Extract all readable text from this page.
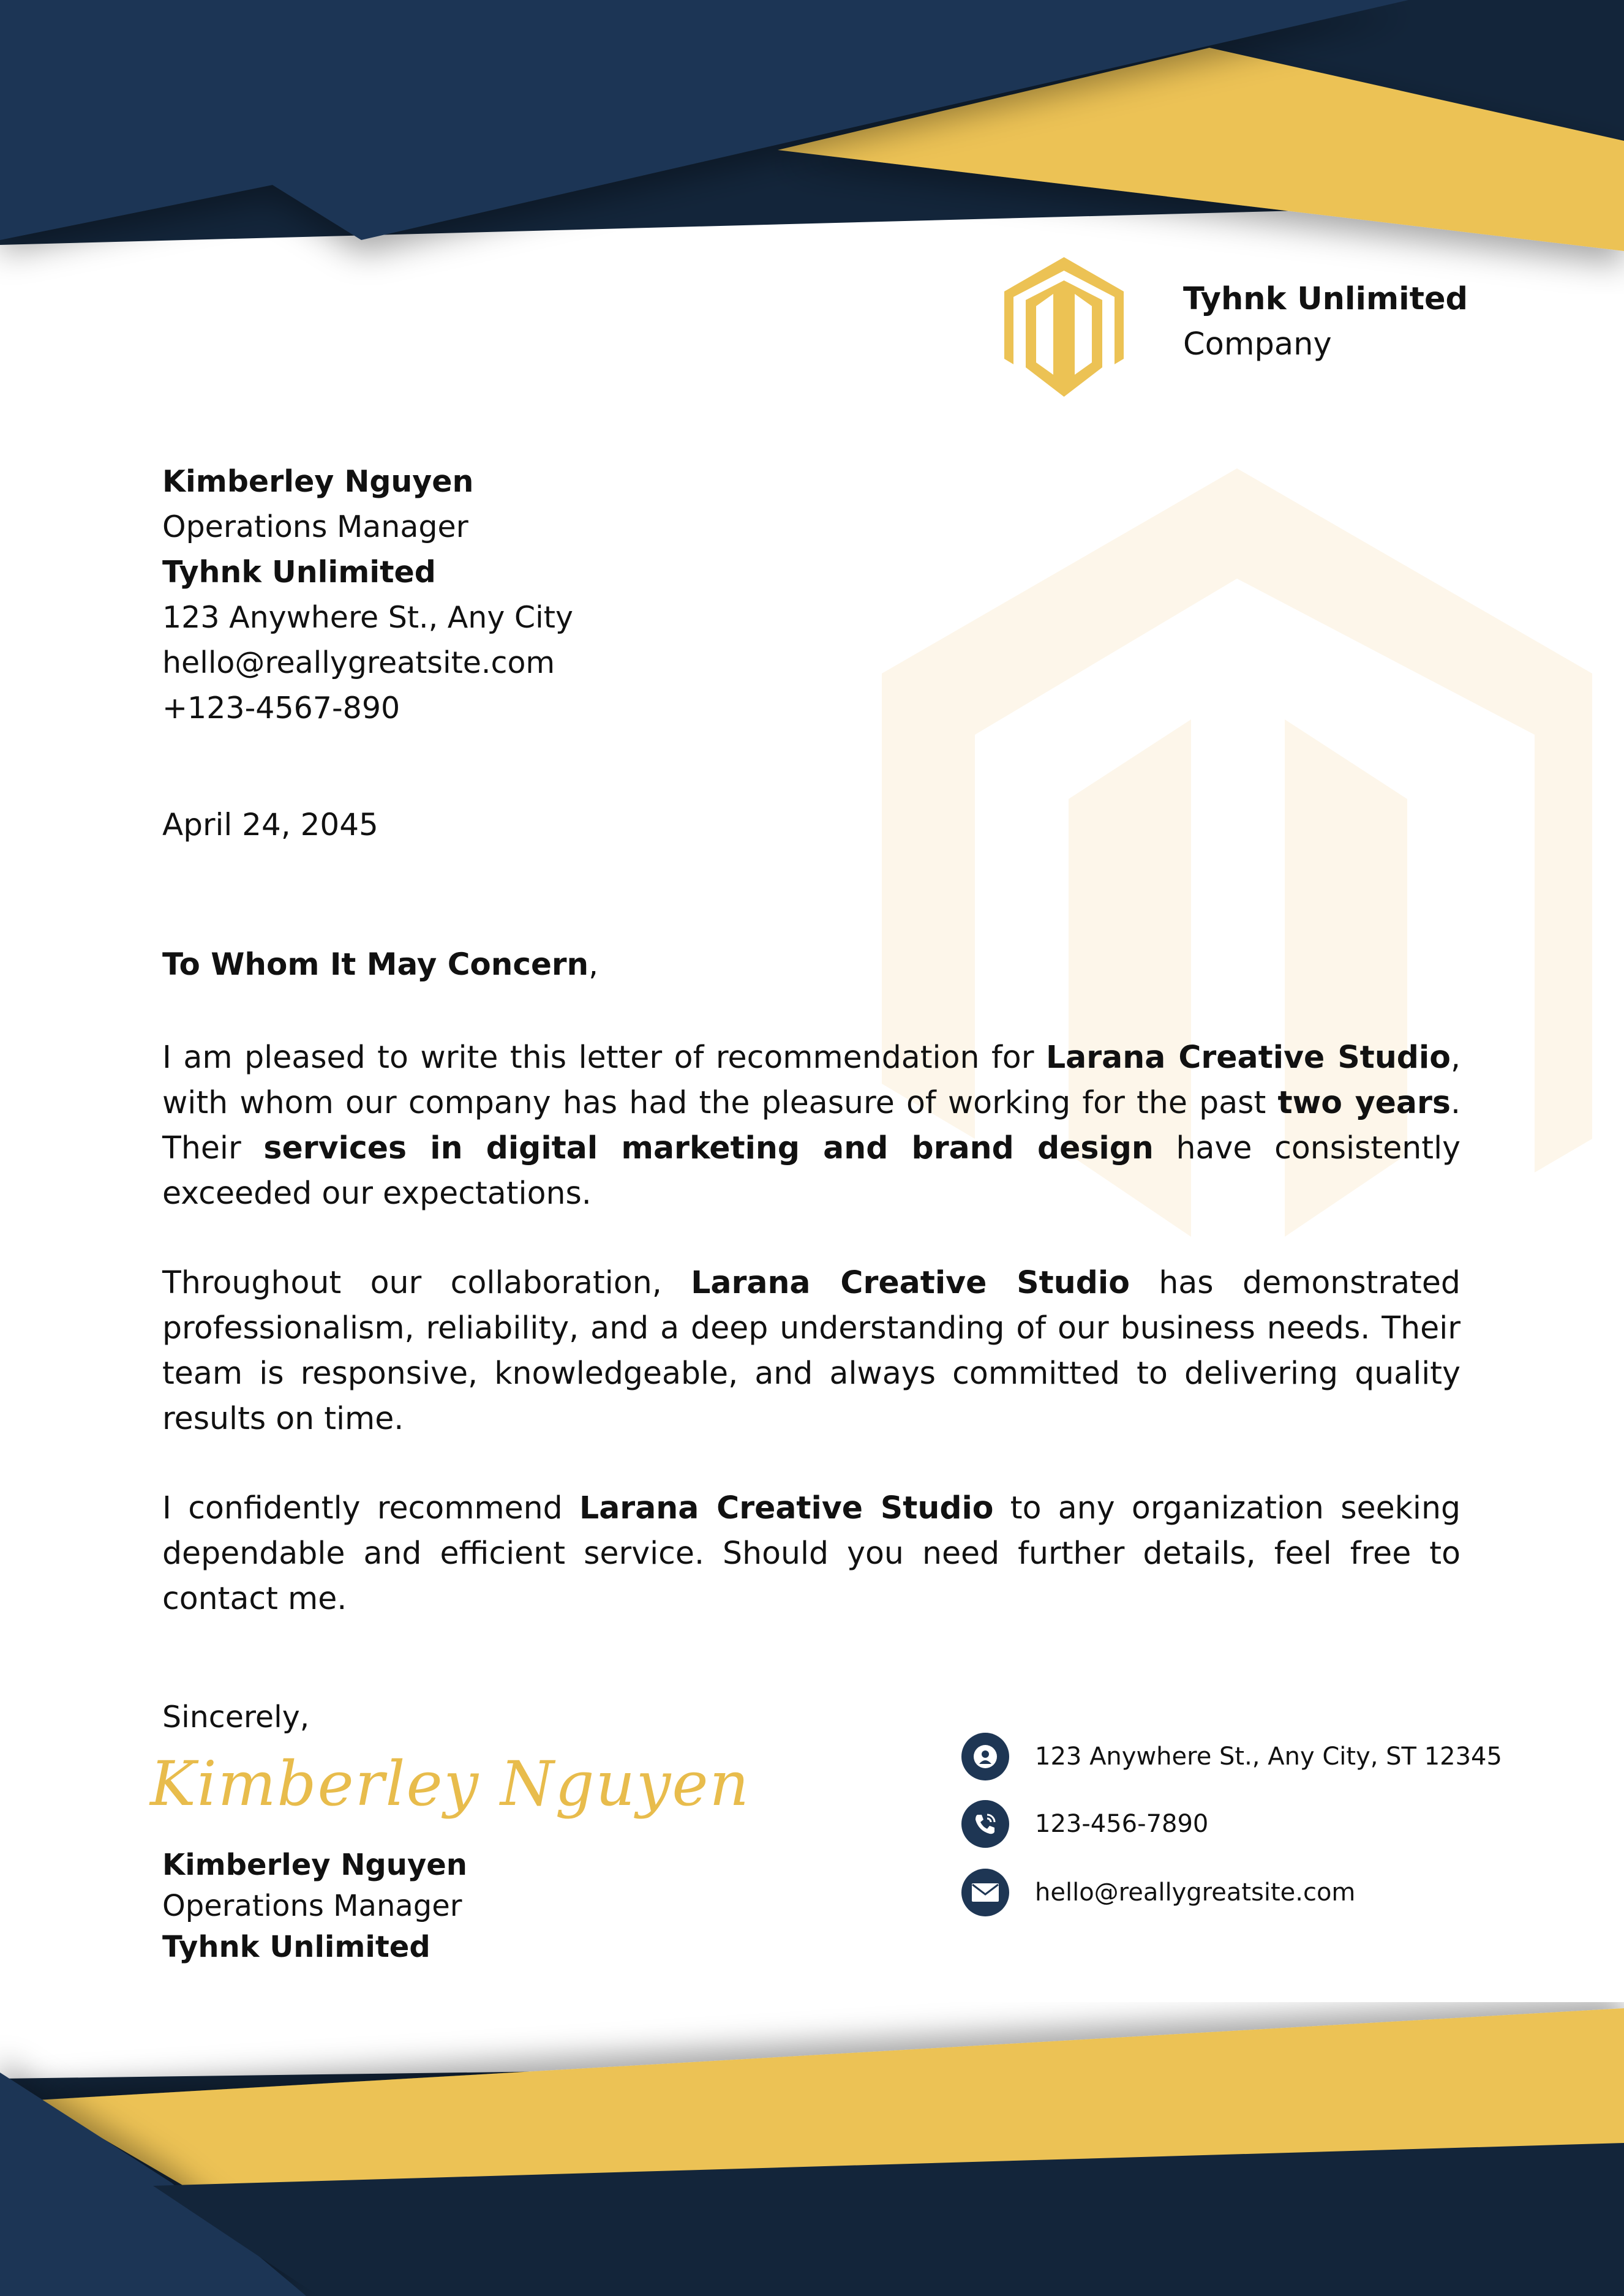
Tyhnk Unlimited
Company
Kimberley Nguyen
Operations Manager
Tyhnk Unlimited
123 Anywhere St., Any City
hello@reallygreatsite.com
+123-4567-890
April 24, 2045
To Whom It May Concern,
I am pleased to write this letter of recommendation for Larana Creative Studio, with whom our company has had the pleasure of working for the past two years. Their services in digital marketing and brand design have consistently exceeded our expectations.
Throughout our collaboration, Larana Creative Studio has demonstrated professionalism, reliability, and a deep understanding of our business needs. Their team is responsive, knowledgeable, and always committed to delivering quality results on time.
I confidently recommend Larana Creative Studio to any organization seeking dependable and efficient service. Should you need further details, feel free to contact me.
Sincerely,
Kimberley Nguyen
Kimberley Nguyen
Operations Manager
Tyhnk Unlimited
123 Anywhere St., Any City, ST 12345
123-456-7890
hello@reallygreatsite.com
